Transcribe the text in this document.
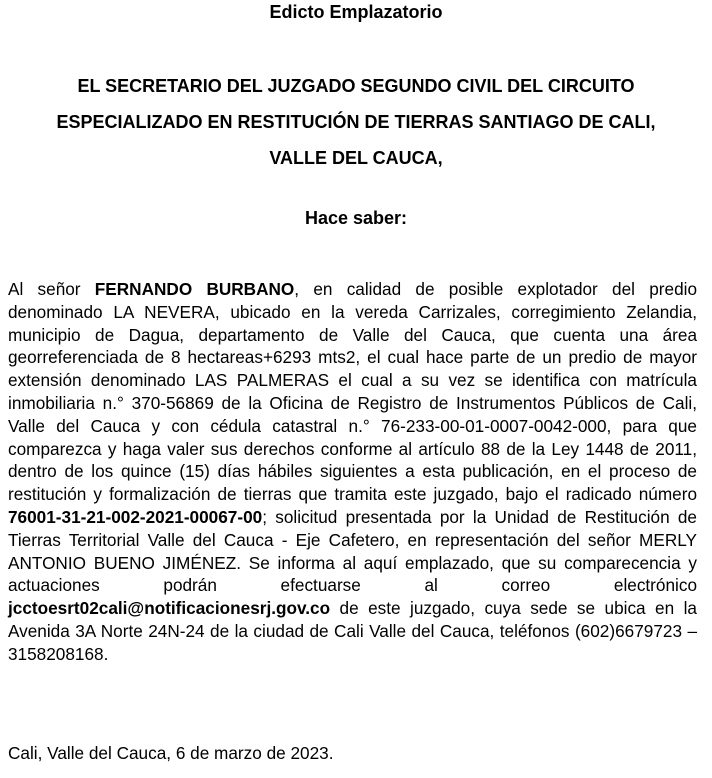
Edicto Emplazatorio
EL SECRETARIO DEL JUZGADO SEGUNDO CIVIL DEL CIRCUITO
ESPECIALIZADO EN RESTITUCIÓN DE TIERRAS SANTIAGO DE CALI,
VALLE DEL CAUCA,
Hace saber:
Al señor FERNANDO BURBANO, en calidad de posible explotador del predio denominado LA NEVERA, ubicado en la vereda Carrizales, corregimiento Zelandia, municipio de Dagua, departamento de Valle del Cauca, que cuenta una área georreferenciada de 8 hectareas+6293 mts2, el cual hace parte de un predio de mayor extensión denominado LAS PALMERAS el cual a su vez se identifica con matrícula inmobiliaria n.° 370-56869 de la Oficina de Registro de Instrumentos Públicos de Cali, Valle del Cauca y con cédula catastral n.° 76-233-00-01-0007-0042-000, para que comparezca y haga valer sus derechos conforme al artículo 88 de la Ley 1448 de 2011, dentro de los quince (15) días hábiles siguientes a esta publicación, en el proceso de restitución y formalización de tierras que tramita este juzgado, bajo el radicado número 76001-31-21-002-2021-00067-00; solicitud presentada por la Unidad de Restitución de Tierras Territorial Valle del Cauca - Eje Cafetero, en representación del señor MERLY ANTONIO BUENO JIMÉNEZ. Se informa al aquí emplazado, que su comparecencia y actuaciones podrán efectuarse al correo electrónico jcctoesrt02cali@notificacionesrj.gov.co de este juzgado, cuya sede se ubica en la Avenida 3A Norte 24N-24 de la ciudad de Cali Valle del Cauca, teléfonos (602)6679723 – 3158208168.
Cali, Valle del Cauca, 6 de marzo de 2023.
